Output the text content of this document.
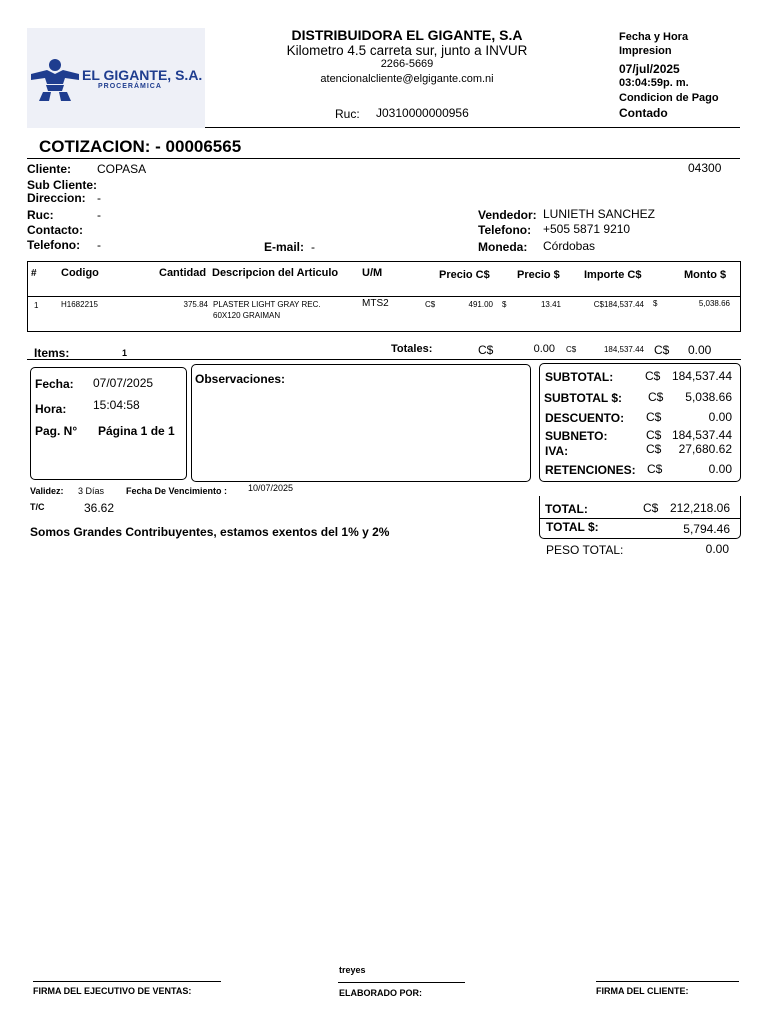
EL GIGANTE, S.A.
PROCERÁMICA
DISTRIBUIDORA EL GIGANTE, S.A
Kilometro 4.5 carreta sur, junto a INVUR
2266-5669
atencionalcliente@elgigante.com.ni
Ruc: J0310000000956
Fecha y Hora
Impresion
07/jul/2025
03:04:59p. m.
Condicion de Pago
Contado
COTIZACION: - 00006565
Cliente: COPASA	04300
Sub Cliente:
Direccion: -
Ruc:	-
Contacto:
Telefono: -	E-mail: -
Vendedor: LUNIETH SANCHEZ
Telefono: +505 5871 9210
Moneda: Córdobas
# Codigo	Cantidad Descripcion del Articulo U/M	Precio C$ Precio $ Importe C$	Monto $
1	H1682215	375.84 PLASTER LIGHT GRAY REC.
60X120 GRAIMAN
MTS2	C$	491.00 $	13.41	C$184,537.44 $	5,038.66
Items:	1	Totales:	C$	0.00 C$	184,537.44 C$ 0.00
Fecha: 07/07/2025
Hora: 15:04:58
Pag. N° Página 1 de 1
Observaciones:
Validez: 3 Días Fecha De Vencimiento : 10/07/2025
T/C	36.62
Somos Grandes Contribuyentes, estamos exentos del 1% y 2%
SUBTOTAL:	C$ 184,537.44
SUBTOTAL $: C$	5,038.66
DESCUENTO: C$	0.00
SUBNETO:	C$ 184,537.44
IVA:	C$	27,680.62
RETENCIONES: C$	0.00
TOTAL:	C$ 212,218.06
TOTAL $:	5,794.46
PESO TOTAL:	0.00
FIRMA DEL EJECUTIVO DE VENTAS:
treyes
ELABORADO POR:	FIRMA DEL CLIENTE:
